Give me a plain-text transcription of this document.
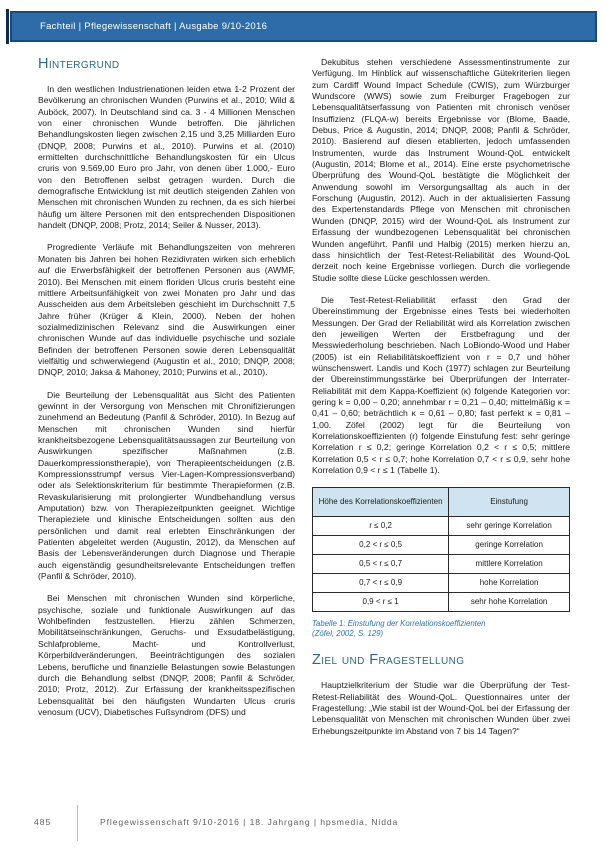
Fachteil | Pflegewissenschaft | Ausgabe 9/10-2016
Hintergrund

In den westlichen Industrienationen leiden etwa 1-2 Prozent der Bevölkerung an chronischen Wunden (Purwins et al., 2010; Wild & Auböck, 2007). In Deutschland sind ca. 3 - 4 Millionen Menschen von einer chronischen Wunde betroffen. Die jährlichen Behandlungskosten liegen zwischen 2,15 und 3,25 Milliarden Euro (DNQP, 2008; Purwins et al., 2010). Purwins et al. (2010) ermittelten durchschnittliche Behandlungskosten für ein Ulcus cruris von 9.569,00 Euro pro Jahr, von denen über 1.000,- Euro von den Betroffenen selbst getragen wurden. Durch die demografische Entwicklung ist mit deutlich steigenden Zahlen von Menschen mit chronischen Wunden zu rechnen, da es sich hierbei häufig um ältere Personen mit den entsprechenden Dispositionen handelt (DNQP, 2008; Protz, 2014; Seiler & Nusser, 2013).

Progrediente Verläufe mit Behandlungszeiten von mehreren Monaten bis Jahren bei hohen Rezidivraten wirken sich erheblich auf die Erwerbsfähigkeit der betroffenen Personen aus (AWMF, 2010). Bei Menschen mit einem floriden Ulcus cruris besteht eine mittlere Arbeitsunfähigkeit von zwei Monaten pro Jahr und das Ausscheiden aus dem Arbeitsleben geschieht im Durchschnitt 7,5 Jahre früher (Krüger & Klein, 2000). Neben der hohen sozialmedizinischen Relevanz sind die Auswirkungen einer chronischen Wunde auf das individuelle psychische und soziale Befinden der betroffenen Personen sowie deren Lebensqualität vielfältig und schwerwiegend (Augustin et al., 2010; DNQP, 2008; DNQP, 2010; Jaksa & Mahoney, 2010; Purwins et al., 2010).

Die Beurteilung der Lebensqualität aus Sicht des Patienten gewinnt in der Versorgung von Menschen mit Chronifizierungen zunehmend an Bedeutung (Panfil & Schröder, 2010). In Bezug auf Menschen mit chronischen Wunden sind hierfür krankheitsbezogene Lebensqualitätsaussagen zur Beurteilung von Auswirkungen spezifischer Maßnahmen (z.B. Dauerkompressionstherapie), von Therapieentscheidungen (z.B. Kompressionsstrumpf versus Vier-Lagen-Kompressionsverband) oder als Selektionskriterium für bestimmte Therapieformen (z.B. Revaskularisierung mit prolongierter Wundbehandlung versus Amputation) bzw. von Therapiezeitpunkten geeignet. Wichtige Therapieziele und klinische Entscheidungen sollten aus den persönlichen und damit real erlebten Einschränkungen der Patienten abgeleitet werden (Augustin, 2012), da Menschen auf Basis der Lebensveränderungen durch Diagnose und Therapie auch eigenständig gesundheitsrelevante Entscheidungen treffen (Panfil & Schröder, 2010).

Bei Menschen mit chronischen Wunden sind körperliche, psychische, soziale und funktionale Auswirkungen auf das Wohlbefinden festzustellen. Hierzu zählen Schmerzen, Mobilitätseinschränkungen, Geruchs- und Exsudatbelästigung, Schlafprobleme, Macht- und Kontrollverlust, Körperbildveränderungen, Beeinträchtigungen des sozialen Lebens, berufliche und finanzielle Belastungen sowie Belastungen durch die Behandlung selbst (DNQP, 2008; Panfil & Schröder, 2010; Protz, 2012). Zur Erfassung der krankheitsspezifischen Lebensqualität bei den häufigsten Wundarten Ulcus cruris venosum (UCV), Diabetisches Fußsyndrom (DFS) und

Dekubitus stehen verschiedene Assessmentinstrumente zur Verfügung. Im Hinblick auf wissenschaftliche Gütekriterien liegen zum Cardiff Wound Impact Schedule (CWIS), zum Würzburger Wundscore (WWS) sowie zum Freiburger Fragebogen zur Lebensqualitätserfassung von Patienten mit chronisch venöser Insuffizienz (FLQA-w) bereits Ergebnisse vor (Blome, Baade, Debus, Price & Augustin, 2014; DNQP, 2008; Panfil & Schröder, 2010). Basierend auf diesen etablierten, jedoch umfassenden Instrumenten, wurde das Instrument Wound-QoL entwickelt (Augustin, 2014; Blome et al., 2014). Eine erste psychometrische Überprüfung des Wound-QoL bestätigte die Möglichkeit der Anwendung sowohl im Versorgungsalltag als auch in der Forschung (Augustin, 2012). Auch in der aktualisierten Fassung des Expertenstandards Pflege von Menschen mit chronischen Wunden (DNQP, 2015) wird der Wound-QoL als Instrument zur Erfassung der wundbezogenen Lebensqualität bei chronischen Wunden angeführt. Panfil und Halbig (2015) merken hierzu an, dass hinsichtlich der Test-Retest-Reliabilität des Wound-QoL derzeit noch keine Ergebnisse vorliegen. Durch die vorliegende Studie sollte diese Lücke geschlossen werden.

Die Test-Retest-Reliabilität erfasst den Grad der Übereinstimmung der Ergebnisse eines Tests bei wiederholten Messungen. Der Grad der Reliabilität wird als Korrelation zwischen den jeweiligen Werten der Erstbefragung und der Messwiederholung beschrieben. Nach LoBiondo-Wood und Haber (2005) ist ein Reliabilitätskoeffizient von r = 0,7 und höher wünschenswert. Landis und Koch (1977) schlagen zur Beurteilung der Übereinstimmungsstärke bei Überprüfungen der Interrater-Reliabilität mit dem Kappa-Koeffizient (κ) folgende Kategorien vor: gering k = 0,00 – 0,20; annehmbar r = 0,21 – 0,40; mittelmäßig κ = 0,41 – 0,60; beträchtlich κ = 0,61 – 0,80; fast perfekt κ = 0,81 – 1,00. Zöfel (2002) legt für die Beurteilung von Korrelationskoeffizienten (r) folgende Einstufung fest: sehr geringe Korrelation r ≤ 0,2; geringe Korrelation 0,2 < r ≤ 0,5; mittlere Korrelation 0,5 < r ≤ 0,7; hohe Korrelation 0,7 < r ≤ 0,9, sehr hohe Korrelation 0,9 < r ≤ 1 (Tabelle 1).

Höhe des Korrelationskoeffizienten	Einstufung
r ≤ 0,2	sehr geringe Korrelation
0,2 < r ≤ 0,5	geringe Korrelation
0,5 < r ≤ 0,7	mittlere Korrelation
0,7 < r ≤ 0,9	hohe Korrelation
0,9 < r ≤ 1	sehr hohe Korrelation
Tabelle 1: Einstufung der Korrelationskoeffizienten
(Zöfel, 2002, S. 129)
Ziel und Fragestellung

Hauptzielkriterium der Studie war die Überprüfung der Test-Retest-Reliabilität des Wound-QoL. Questionnaires unter der Fragestellung: „Wie stabil ist der Wound-QoL bei der Erfassung der Lebensqualität von Menschen mit chronischen Wunden über zwei Erhebungszeitpunkte im Abstand von 7 bis 14 Tagen?“

485	Pflegewissenschaft 9/10-2016 | 18. Jahrgang | hpsmedia, Nidda
